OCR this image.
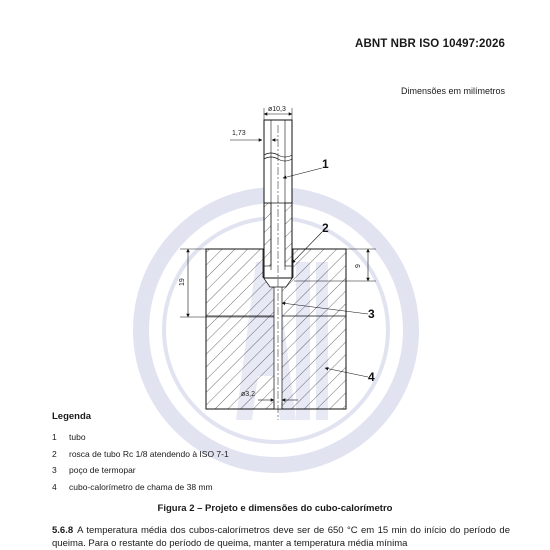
ø10,3
1,73
9
19
ø3,2
1
2
3
4
ABNT NBR ISO 10497:2026
Dimensões em milímetros
Legenda
1 tubo
2 rosca de tubo Rc 1/8 atendendo à ISO 7-1
3 poço de termopar
4 cubo-calorímetro de chama de 38 mm
Figura 2 – Projeto e dimensões do cubo-calorímetro
5.6.8 A temperatura média dos cubos-calorímetros deve ser de 650 °C em 15 min do início do período de queima. Para o restante do período de queima, manter a temperatura média mínima
